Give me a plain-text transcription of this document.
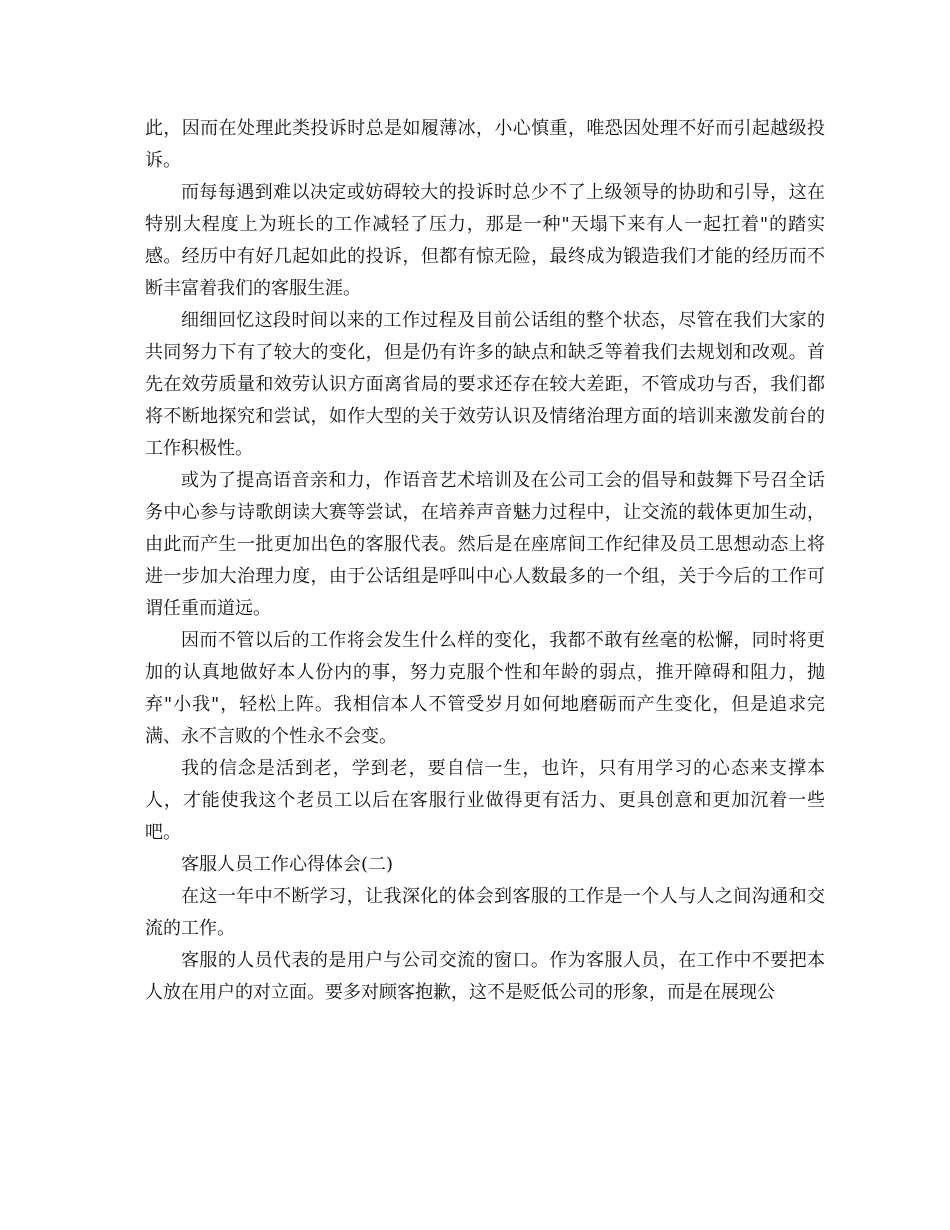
此，因而在处理此类投诉时总是如履薄冰，小心慎重，唯恐因处理不好而引起越级投诉。

而每每遇到难以决定或妨碍较大的投诉时总少不了上级领导的协助和引导，这在特别大程度上为班长的工作减轻了压力，那是一种"天塌下来有人一起扛着"的踏实感。经历中有好几起如此的投诉，但都有惊无险，最终成为锻造我们才能的经历而不断丰富着我们的客服生涯。

细细回忆这段时间以来的工作过程及目前公话组的整个状态，尽管在我们大家的共同努力下有了较大的变化，但是仍有许多的缺点和缺乏等着我们去规划和改观。首先在效劳质量和效劳认识方面离省局的要求还存在较大差距，不管成功与否，我们都将不断地探究和尝试，如作大型的关于效劳认识及情绪治理方面的培训来激发前台的工作积极性。

或为了提高语音亲和力，作语音艺术培训及在公司工会的倡导和鼓舞下号召全话务中心参与诗歌朗读大赛等尝试，在培养声音魅力过程中，让交流的载体更加生动，由此而产生一批更加出色的客服代表。然后是在座席间工作纪律及员工思想动态上将进一步加大治理力度，由于公话组是呼叫中心人数最多的一个组，关于今后的工作可谓任重而道远。

因而不管以后的工作将会发生什么样的变化，我都不敢有丝毫的松懈，同时将更加的认真地做好本人份内的事，努力克服个性和年龄的弱点，推开障碍和阻力，抛弃"小我"，轻松上阵。我相信本人不管受岁月如何地磨砺而产生变化，但是追求完满、永不言败的个性永不会变。

我的信念是活到老，学到老，要自信一生，也许，只有用学习的心态来支撑本人，才能使我这个老员工以后在客服行业做得更有活力、更具创意和更加沉着一些吧。

客服人员工作心得体会(二)

在这一年中不断学习，让我深化的体会到客服的工作是一个人与人之间沟通和交流的工作。

客服的人员代表的是用户与公司交流的窗口。作为客服人员，在工作中不要把本人放在用户的对立面。要多对顾客抱歉，这不是贬低公司的形象，而是在展现公
